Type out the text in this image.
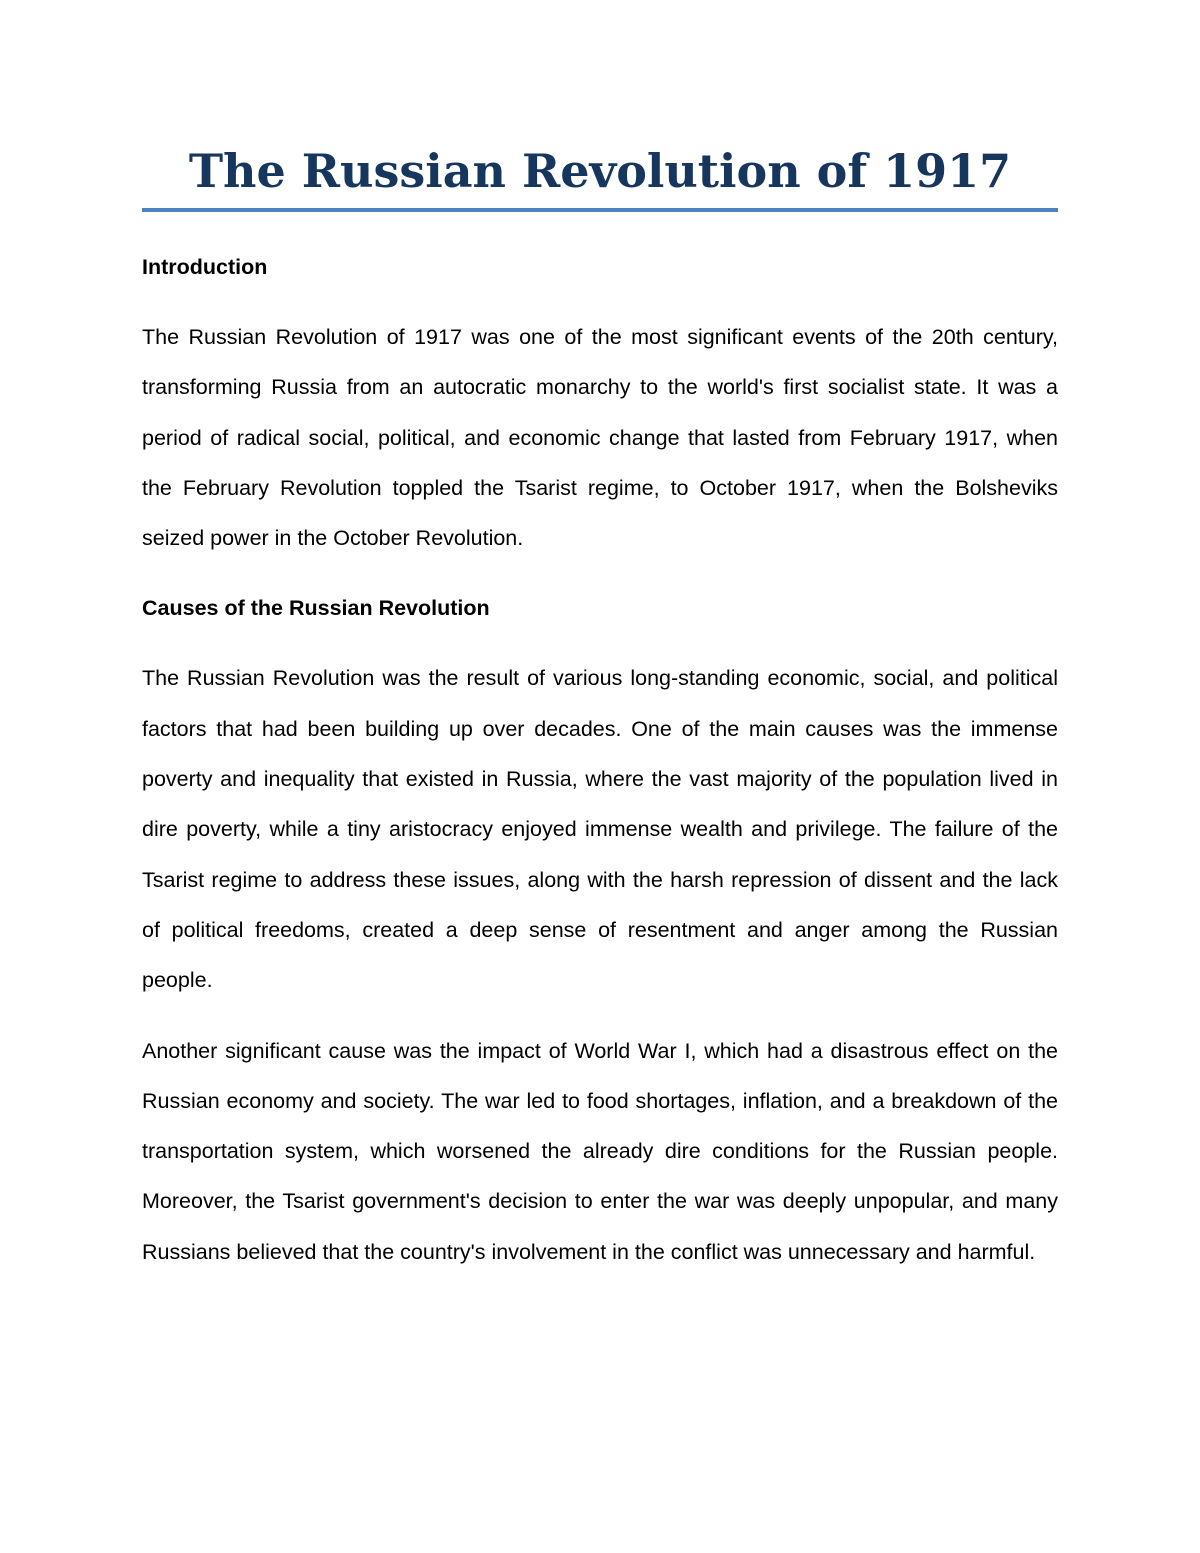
The Russian Revolution of 1917
Introduction

The Russian Revolution of 1917 was one of the most significant events of the 20th century, transforming Russia from an autocratic monarchy to the world's first socialist state. It was a period of radical social, political, and economic change that lasted from February 1917, when the February Revolution toppled the Tsarist regime, to October 1917, when the Bolsheviks seized power in the October Revolution.

Causes of the Russian Revolution

The Russian Revolution was the result of various long-standing economic, social, and political factors that had been building up over decades. One of the main causes was the immense poverty and inequality that existed in Russia, where the vast majority of the population lived in dire poverty, while a tiny aristocracy enjoyed immense wealth and privilege. The failure of the Tsarist regime to address these issues, along with the harsh repression of dissent and the lack of political freedoms, created a deep sense of resentment and anger among the Russian people.

Another significant cause was the impact of World War I, which had a disastrous effect on the Russian economy and society. The war led to food shortages, inflation, and a breakdown of the transportation system, which worsened the already dire conditions for the Russian people. Moreover, the Tsarist government's decision to enter the war was deeply unpopular, and many Russians believed that the country's involvement in the conflict was unnecessary and harmful.
